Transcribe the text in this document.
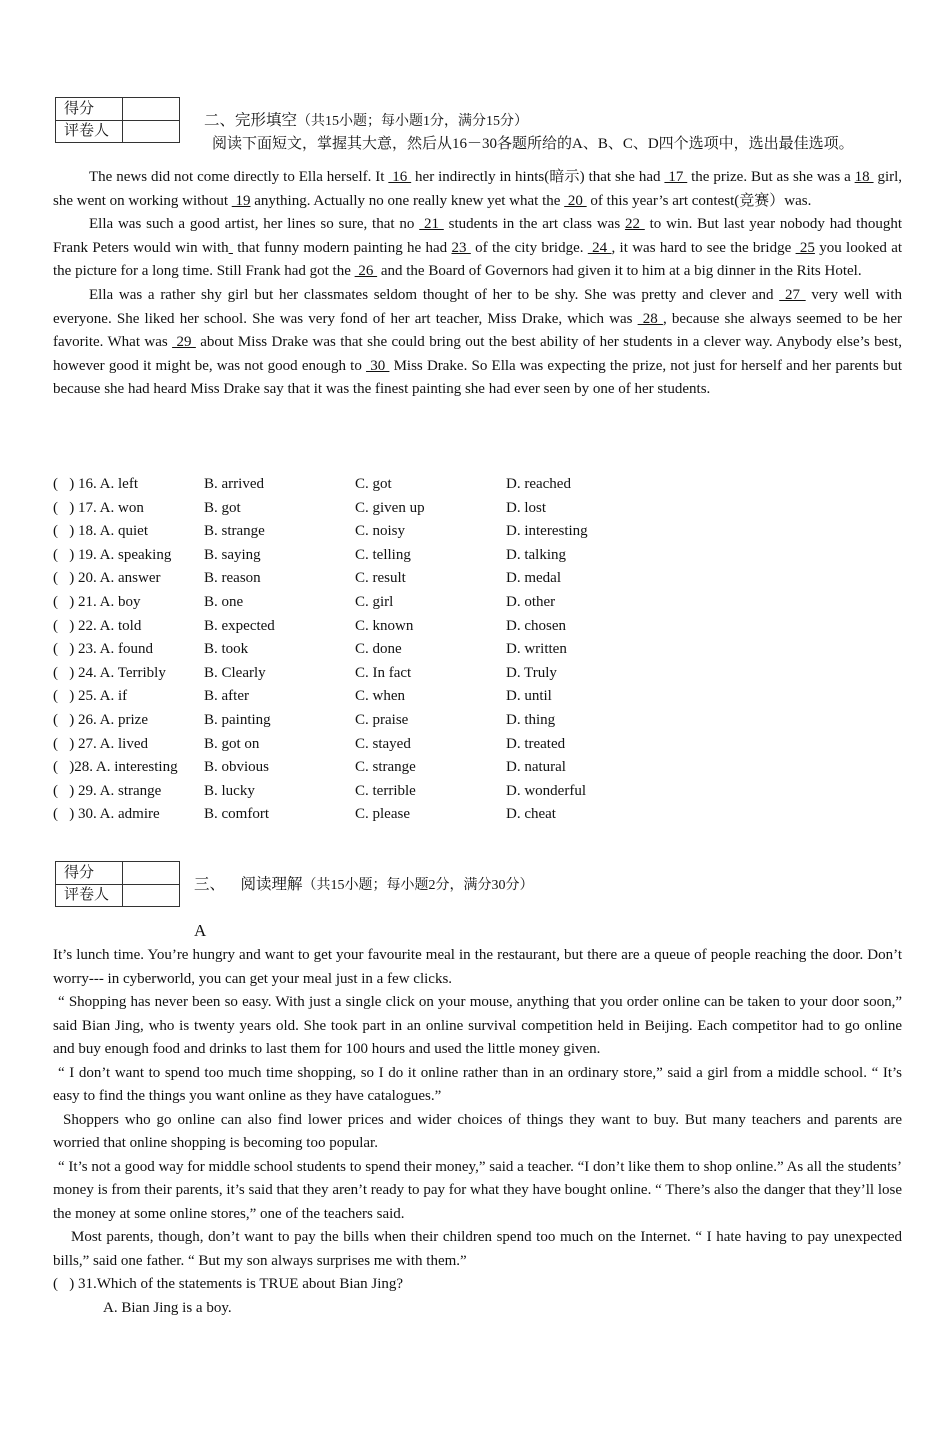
得分	
评卷人	
二、完形填空（共15小题；每小题1分，满分15分）
阅读下面短文，掌握其大意，然后从16－30各题所给的A、B、C、D四个选项中，选出最佳选项。

The news did not come directly to Ella herself. It  16  her indirectly in hints(暗示) that she had  17  the prize. But as she was a 18  girl, she went on working without  19 anything. Actually no one really knew yet what the  20  of this year’s art contest(竞赛）was.

Ella was such a good artist, her lines so sure, that no  21  students in the art class was 22  to win. But last year nobody had thought Frank Peters would win with  that funny modern painting he had 23  of the city bridge.  24 , it was hard to see the bridge  25 you looked at the picture for a long time. Still Frank had got the  26  and the Board of Governors had given it to him at a big dinner in the Rits Hotel.

Ella was a rather shy girl but her classmates seldom thought of her to be shy. She was pretty and clever and  27  very well with everyone. She liked her school. She was very fond of her art teacher, Miss Drake, which was  28 , because she always seemed to be her favorite. What was  29  about Miss Drake was that she could bring out the best ability of her students in a clever way. Anybody else’s best, however good it might be, was not good enough to  30  Miss Drake. So Ella was expecting the prize, not just for herself and her parents but because she had heard Miss Drake say that it was the finest painting she had ever seen by one of her students.

(   ) 16. A. left	B. arrived	C. got	D. reached
(   ) 17. A. won	B. got	C. given up	D. lost
(   ) 18. A. quiet	B. strange	C. noisy	D. interesting
(   ) 19. A. speaking	B. saying	C. telling	D. talking
(   ) 20. A. answer	B. reason	C. result	D. medal
(   ) 21. A. boy	B. one	C. girl	D. other
(   ) 22. A. told	B. expected	C. known	D. chosen
(   ) 23. A. found	B. took	C. done	D. written
(   ) 24. A. Terribly	B. Clearly	C. In fact	D. Truly
(   ) 25. A. if	B. after	C. when	D. until
(   ) 26. A. prize	B. painting	C. praise	D. thing
(   ) 27. A. lived	B. got on	C. stayed	D. treated
(   )28. A. interesting	B. obvious	C. strange	D. natural
(   ) 29. A. strange	B. lucky	C. terrible	D. wonderful
(   ) 30. A. admire	B. comfort	C. please	D. cheat
得分	
评卷人	
三、    阅读理解（共15小题；每小题2分，满分30分）
A

It’s lunch time. You’re hungry and want to get your favourite meal in the restaurant, but there are a queue of people reaching the door. Don’t worry--- in cyberworld, you can get your meal just in a few clicks.

“ Shopping has never been so easy. With just a single click on your mouse, anything that you order online can be taken to your door soon,” said Bian Jing, who is twenty years old. She took part in an online survival competition held in Beijing. Each competitor had to go online and buy enough food and drinks to last them for 100 hours and used the little money given.

“ I don’t want to spend too much time shopping, so I do it online rather than in an ordinary store,” said a girl from a middle school. “ It’s easy to find the things you want online as they have catalogues.”

Shoppers who go online can also find lower prices and wider choices of things they want to buy. But many teachers and parents are worried that online shopping is becoming too popular.

“ It’s not a good way for middle school students to spend their money,” said a teacher. “I don’t like them to shop online.” As all the students’ money is from their parents, it’s said that they aren’t ready to pay for what they have bought online. “ There’s also the danger that they’ll lose the money at some online stores,” one of the teachers said.

Most parents, though, don’t want to pay the bills when their children spend too much on the Internet. “ I hate having to pay unexpected bills,” said one father. “ But my son always surprises me with them.”

(   ) 31.Which of the statements is TRUE about Bian Jing?

A. Bian Jing is a boy.
